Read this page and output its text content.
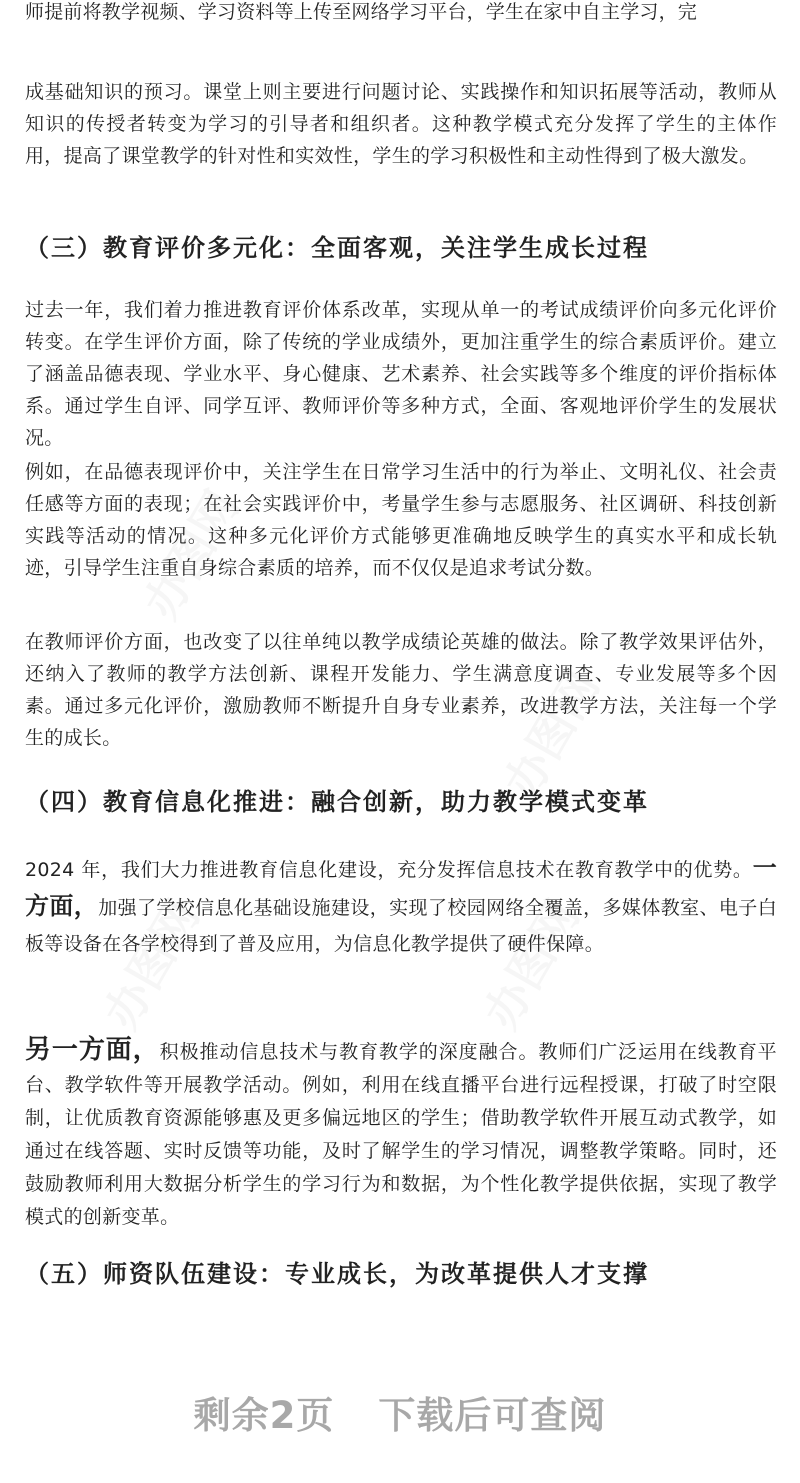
办图网
办图网
办图网	办图网
师提前将教学视频、学习资料等上传至网络学习平台，学生在家中自主学习，完
成基础知识的预习。课堂上则主要进行问题讨论、实践操作和知识拓展等活动，教师从知识的传授者转变为学习的引导者和组织者。这种教学模式充分发挥了学生的主体作用，提高了课堂教学的针对性和实效性，学生的学习积极性和主动性得到了极大激发。
（三）教育评价多元化：全面客观，关注学生成长过程
过去一年，我们着力推进教育评价体系改革，实现从单一的考试成绩评价向多元化评价转变。在学生评价方面，除了传统的学业成绩外，更加注重学生的综合素质评价。建立了涵盖品德表现、学业水平、身心健康、艺术素养、社会实践等多个维度的评价指标体系。通过学生自评、同学互评、教师评价等多种方式，全面、客观地评价学生的发展状况。
例如，在品德表现评价中，关注学生在日常学习生活中的行为举止、文明礼仪、社会责任感等方面的表现；在社会实践评价中，考量学生参与志愿服务、社区调研、科技创新实践等活动的情况。这种多元化评价方式能够更准确地反映学生的真实水平和成长轨迹，引导学生注重自身综合素质的培养，而不仅仅是追求考试分数。
在教师评价方面，也改变了以往单纯以教学成绩论英雄的做法。除了教学效果评估外，还纳入了教师的教学方法创新、课程开发能力、学生满意度调查、专业发展等多个因素。通过多元化评价，激励教师不断提升自身专业素养，改进教学方法，关注每一个学生的成长。
（四）教育信息化推进：融合创新，助力教学模式变革
2024 年，我们大力推进教育信息化建设，充分发挥信息技术在教育教学中的优势。一方面，加强了学校信息化基础设施建设，实现了校园网络全覆盖，多媒体教室、电子白板等设备在各学校得到了普及应用，为信息化教学提供了硬件保障。
另一方面，积极推动信息技术与教育教学的深度融合。教师们广泛运用在线教育平台、教学软件等开展教学活动。例如，利用在线直播平台进行远程授课，打破了时空限制，让优质教育资源能够惠及更多偏远地区的学生；借助教学软件开展互动式教学，如通过在线答题、实时反馈等功能，及时了解学生的学习情况，调整教学策略。同时，还鼓励教师利用大数据分析学生的学习行为和数据，为个性化教学提供依据，实现了教学模式的创新变革。
（五）师资队伍建设：专业成长，为改革提供人才支撑
剩余2页 下载后可查阅
